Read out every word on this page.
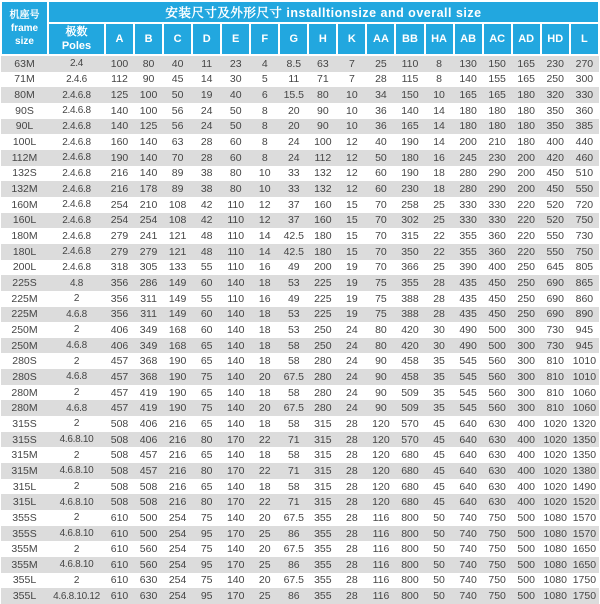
机座号
frame size	安装尺寸及外形尺寸 installtionsize and overall size																	
	极数
Poles	A	B	C	D	E	F	G	H	K	AA	BB	HA	AB	AC	AD	HD	L
63M	2.4	100	80	40	11	23	4	8.5	63	7	25	110	8	130	150	165	230	270
71M	2.4.6	112	90	45	14	30	5	11	71	7	28	115	8	140	155	165	250	300
80M	2.4.6.8	125	100	50	19	40	6	15.5	80	10	34	150	10	165	165	180	320	330
90S	2.4.6.8	140	100	56	24	50	8	20	90	10	36	140	14	180	180	180	350	360
90L	2.4.6.8	140	125	56	24	50	8	20	90	10	36	165	14	180	180	180	350	385
100L	2.4.6.8	160	140	63	28	60	8	24	100	12	40	190	14	200	210	180	400	440
112M	2.4.6.8	190	140	70	28	60	8	24	112	12	50	180	16	245	230	200	420	460
132S	2.4.6.8	216	140	89	38	80	10	33	132	12	60	190	18	280	290	200	450	510
132M	2.4.6.8	216	178	89	38	80	10	33	132	12	60	230	18	280	290	200	450	550
160M	2.4.6.8	254	210	108	42	110	12	37	160	15	70	258	25	330	330	220	520	720
160L	2.4.6.8	254	254	108	42	110	12	37	160	15	70	302	25	330	330	220	520	750
180M	2.4.6.8	279	241	121	48	110	14	42.5	180	15	70	315	22	355	360	220	550	730
180L	2.4.6.8	279	279	121	48	110	14	42.5	180	15	70	350	22	355	360	220	550	750
200L	2.4.6.8	318	305	133	55	110	16	49	200	19	70	366	25	390	400	250	645	805
225S	4.8	356	286	149	60	140	18	53	225	19	75	355	28	435	450	250	690	865
225M	2	356	311	149	55	110	16	49	225	19	75	388	28	435	450	250	690	860
225M	4.6.8	356	311	149	60	140	18	53	225	19	75	388	28	435	450	250	690	890
250M	2	406	349	168	60	140	18	53	250	24	80	420	30	490	500	300	730	945
250M	4.6.8	406	349	168	65	140	18	58	250	24	80	420	30	490	500	300	730	945
280S	2	457	368	190	65	140	18	58	280	24	90	458	35	545	560	300	810	1010
280S	4.6.8	457	368	190	75	140	20	67.5	280	24	90	458	35	545	560	300	810	1010
280M	2	457	419	190	65	140	18	58	280	24	90	509	35	545	560	300	810	1060
280M	4.6.8	457	419	190	75	140	20	67.5	280	24	90	509	35	545	560	300	810	1060
315S	2	508	406	216	65	140	18	58	315	28	120	570	45	640	630	400	1020	1320
315S	4.6.8.10	508	406	216	80	170	22	71	315	28	120	570	45	640	630	400	1020	1350
315M	2	508	457	216	65	140	18	58	315	28	120	680	45	640	630	400	1020	1350
315M	4.6.8.10	508	457	216	80	170	22	71	315	28	120	680	45	640	630	400	1020	1380
315L	2	508	508	216	65	140	18	58	315	28	120	680	45	640	630	400	1020	1490
315L	4.6.8.10	508	508	216	80	170	22	71	315	28	120	680	45	640	630	400	1020	1520
355S	2	610	500	254	75	140	20	67.5	355	28	116	800	50	740	750	500	1080	1570
355S	4.6.8.10	610	500	254	95	170	25	86	355	28	116	800	50	740	750	500	1080	1570
355M	2	610	560	254	75	140	20	67.5	355	28	116	800	50	740	750	500	1080	1650
355M	4.6.8.10	610	560	254	95	170	25	86	355	28	116	800	50	740	750	500	1080	1650
355L	2	610	630	254	75	140	20	67.5	355	28	116	800	50	740	750	500	1080	1750
355L	4.6.8.10.12	610	630	254	95	170	25	86	355	28	116	800	50	740	750	500	1080	1750
